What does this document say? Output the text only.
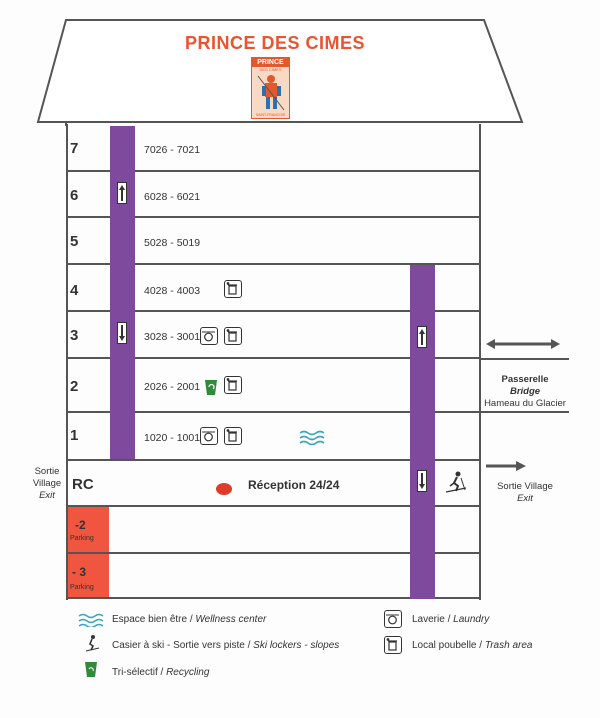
PRINCE DES CIMES
PRINCE
DES CIMES
SAINT-FRANCOIS
7
6
5
4
3
2
1
RC
7026 - 7021
6028 - 6021
5028 - 5019
4028 - 4003
3028 - 3001
2026 - 2001
1020 - 1001
Réception 24/24
-2
Parking
- 3
Parking
Sortie
Village
Exit
Passerelle
Bridge
Hameau du Glacier
Sortie Village
Exit
Espace bien être / Wellness center
Casier à ski - Sortie vers piste / Ski lockers - slopes
Tri-sélectif / Recycling
Laverie / Laundry
Local poubelle / Trash area
